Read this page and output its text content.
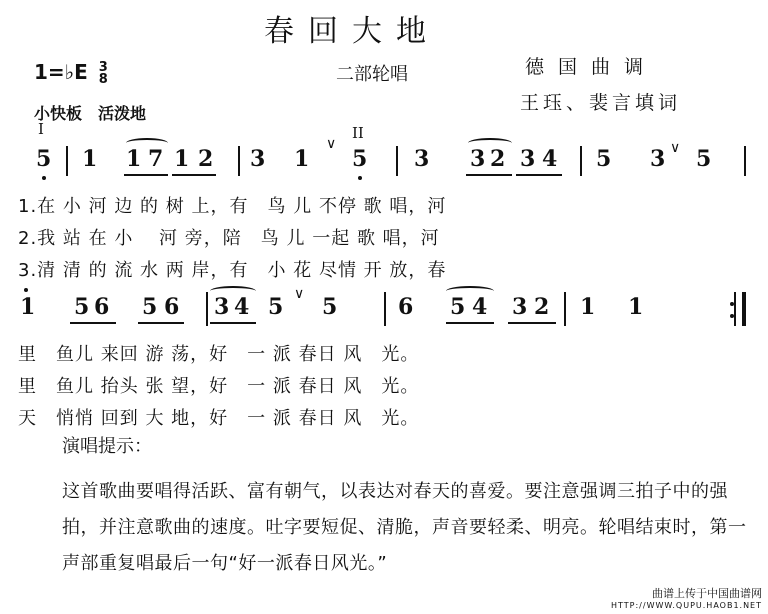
春回大地
1=♭E 3
8	二部轮唱
小快板　活泼地
德国曲调
王珏、裴言填词
I	II
5 1 1 7 1 2 3 1 5 3 3 2 3 4 5 3 5
∨	∨
1 5 6 5 6 3 4 5 5	6 5 4 3 2 1 1
∨
1.在 小 河 边 的 树 上，有　鸟 儿 不停 歌 唱，河
2.我 站 在 小　 河 旁，陪　鸟 儿 一起 歌 唱，河
3.清 清 的 流 水 两 岸，有　小 花 尽情 开 放，春
里　鱼儿 来回 游 荡，好　一 派 春日 风　光。
里　鱼儿 抬头 张 望，好　一 派 春日 风　光。
天　悄悄 回到 大 地，好　一 派 春日 风　光。
演唱提示：
这首歌曲要唱得活跃、富有朝气，以表达对春天的喜爱。要注意强调三拍子中的强拍，并注意歌曲的速度。吐字要短促、清脆，声音要轻柔、明亮。轮唱结束时，第一声部重复唱最后一句“好一派春日风光。”
曲谱上传于中国曲谱网
HTTP://WWW.QUPU.HAOB1.NET
